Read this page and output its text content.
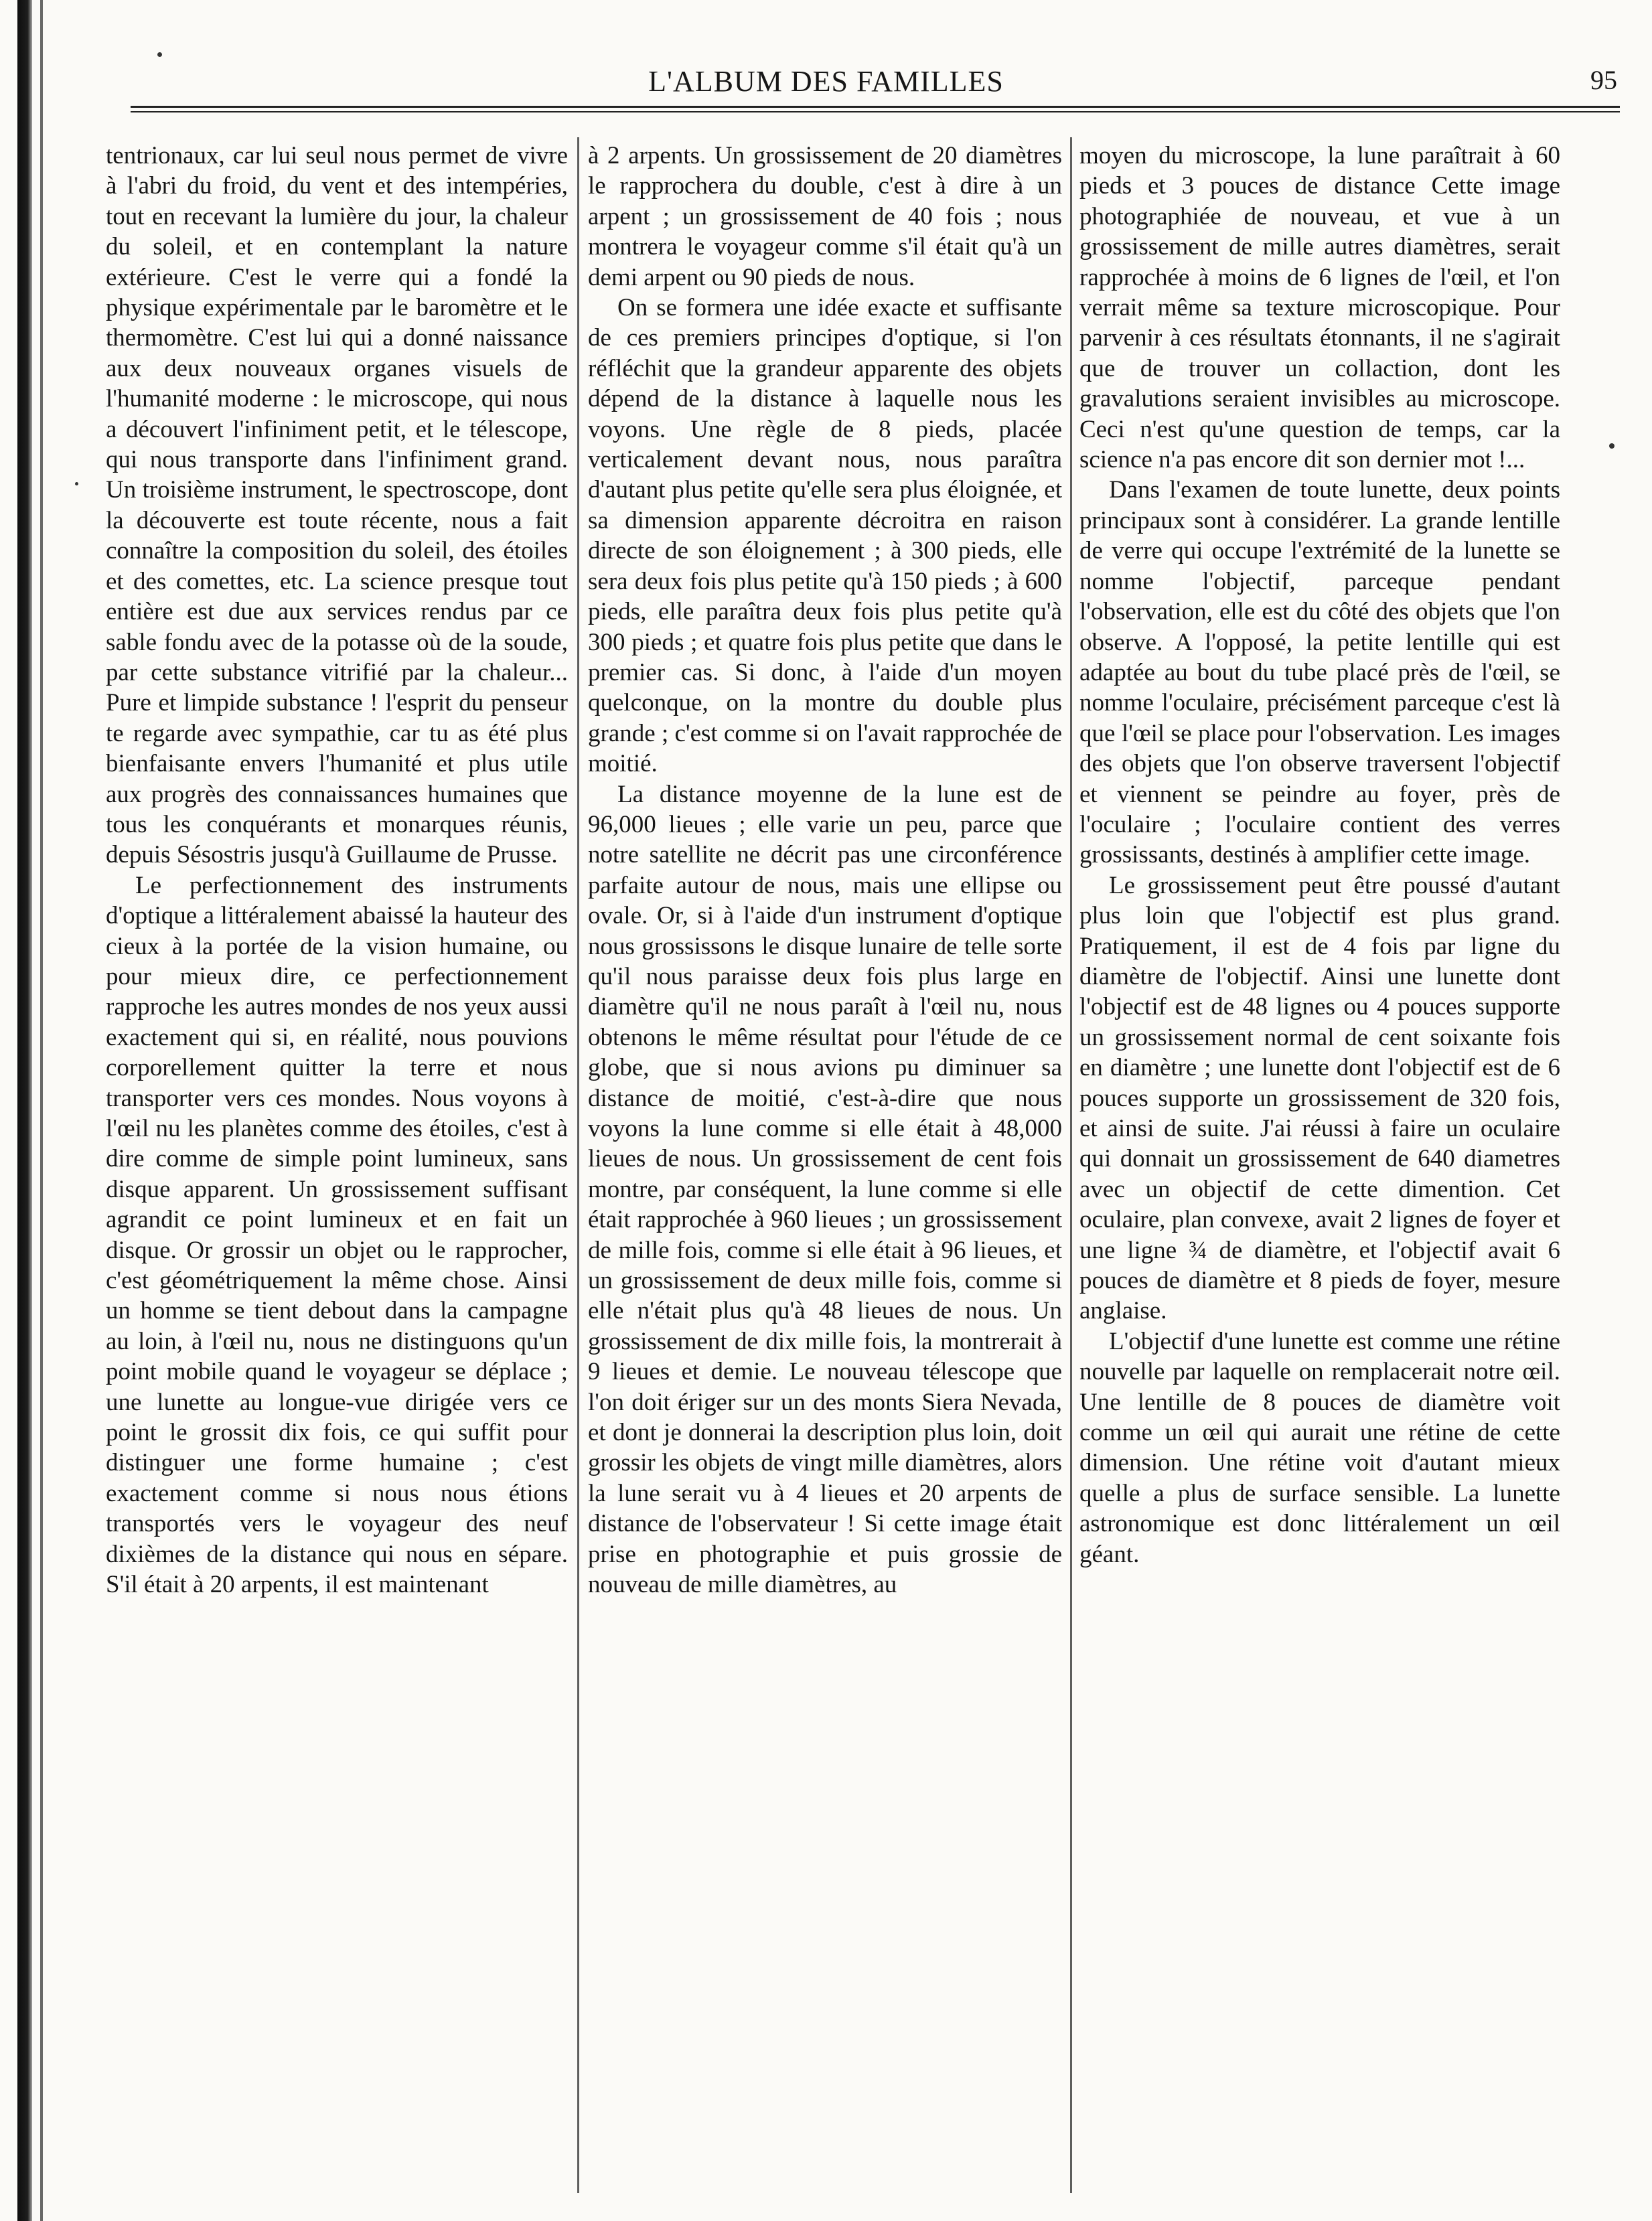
L'ALBUM DES FAMILLES	95

tentrionaux, car lui seul nous permet de vivre à l'abri du froid, du vent et des intempéries, tout en recevant la lumière du jour, la chaleur du soleil, et en contemplant la nature extérieure. C'est le verre qui a fondé la physique expérimentale par le baromètre et le thermomètre. C'est lui qui a donné naissance aux deux nouveaux organes visuels de l'humanité moderne : le microscope, qui nous a découvert l'infiniment petit, et le télescope, qui nous transporte dans l'infiniment grand. Un troisième instrument, le spectroscope, dont la découverte est toute récente, nous a fait connaître la composition du soleil, des étoiles et des comettes, etc. La science presque tout entière est due aux services rendus par ce sable fondu avec de la potasse où de la soude, par cette substance vitrifié par la chaleur... Pure et limpide substance ! l'esprit du penseur te regarde avec sympathie, car tu as été plus bienfaisante envers l'humanité et plus utile aux progrès des connaissances humaines que tous les conquérants et monarques réunis, depuis Sésostris jusqu'à Guillaume de Prusse.

Le perfectionnement des instruments d'optique a littéralement abaissé la hauteur des cieux à la portée de la vision humaine, ou pour mieux dire, ce perfectionnement rapproche les autres mondes de nos yeux aussi exactement qui si, en réalité, nous pouvions corporellement quitter la terre et nous transporter vers ces mondes. Nous voyons à l'œil nu les planètes comme des étoiles, c'est à dire comme de simple point lumineux, sans disque apparent. Un grossissement suffisant agrandit ce point lumineux et en fait un disque. Or grossir un objet ou le rapprocher, c'est géométriquement la même chose. Ainsi un homme se tient debout dans la campagne au loin, à l'œil nu, nous ne distinguons qu'un point mobile quand le voyageur se déplace ; une lunette au longue-vue dirigée vers ce point le grossit dix fois, ce qui suffit pour distinguer une forme humaine ; c'est exactement comme si nous nous étions transportés vers le voyageur des neuf dixièmes de la distance qui nous en sépare. S'il était à 20 arpents, il est maintenant

à 2 arpents. Un grossissement de 20 diamètres le rapprochera du double, c'est à dire à un arpent ; un grossissement de 40 fois ; nous montrera le voyageur comme s'il était qu'à un demi arpent ou 90 pieds de nous.

On se formera une idée exacte et suffisante de ces premiers principes d'optique, si l'on réfléchit que la grandeur apparente des objets dépend de la distance à laquelle nous les voyons. Une règle de 8 pieds, placée verticalement devant nous, nous paraîtra d'autant plus petite qu'elle sera plus éloignée, et sa dimension apparente décroitra en raison directe de son éloignement ; à 300 pieds, elle sera deux fois plus petite qu'à 150 pieds ; à 600 pieds, elle paraîtra deux fois plus petite qu'à 300 pieds ; et quatre fois plus petite que dans le premier cas. Si donc, à l'aide d'un moyen quelconque, on la montre du double plus grande ; c'est comme si on l'avait rapprochée de moitié.

La distance moyenne de la lune est de 96,000 lieues ; elle varie un peu, parce que notre satellite ne décrit pas une circonférence parfaite autour de nous, mais une ellipse ou ovale. Or, si à l'aide d'un instrument d'optique nous grossissons le disque lunaire de telle sorte qu'il nous paraisse deux fois plus large en diamètre qu'il ne nous paraît à l'œil nu, nous obtenons le même résultat pour l'étude de ce globe, que si nous avions pu diminuer sa distance de moitié, c'est-à-dire que nous voyons la lune comme si elle était à 48,000 lieues de nous. Un grossissement de cent fois montre, par conséquent, la lune comme si elle était rapprochée à 960 lieues ; un grossissement de mille fois, comme si elle était à 96 lieues, et un grossissement de deux mille fois, comme si elle n'était plus qu'à 48 lieues de nous. Un grossissement de dix mille fois, la montrerait à 9 lieues et demie. Le nouveau télescope que l'on doit ériger sur un des monts Siera Nevada, et dont je donnerai la description plus loin, doit grossir les objets de vingt mille diamètres, alors la lune serait vu à 4 lieues et 20 arpents de distance de l'observateur ! Si cette image était prise en photographie et puis grossie de nouveau de mille diamètres, au

moyen du microscope, la lune paraîtrait à 60 pieds et 3 pouces de distance Cette image photographiée de nouveau, et vue à un grossissement de mille autres diamètres, serait rapprochée à moins de 6 lignes de l'œil, et l'on verrait même sa texture microscopique. Pour parvenir à ces résultats étonnants, il ne s'agirait que de trouver un collaction, dont les gravalutions seraient invisibles au microscope. Ceci n'est qu'une question de temps, car la science n'a pas encore dit son dernier mot !...

Dans l'examen de toute lunette, deux points principaux sont à considérer. La grande lentille de verre qui occupe l'extrémité de la lunette se nomme l'objectif, parceque pendant l'observation, elle est du côté des objets que l'on observe. A l'opposé, la petite lentille qui est adaptée au bout du tube placé près de l'œil, se nomme l'oculaire, précisément parceque c'est là que l'œil se place pour l'observation. Les images des objets que l'on observe traversent l'objectif et viennent se peindre au foyer, près de l'oculaire ; l'oculaire contient des verres grossissants, destinés à amplifier cette image.

Le grossissement peut être poussé d'autant plus loin que l'objectif est plus grand. Pratiquement, il est de 4 fois par ligne du diamètre de l'objectif. Ainsi une lunette dont l'objectif est de 48 lignes ou 4 pouces supporte un grossissement normal de cent soixante fois en diamètre ; une lunette dont l'objectif est de 6 pouces supporte un grossissement de 320 fois, et ainsi de suite. J'ai réussi à faire un oculaire qui donnait un grossissement de 640 diametres avec un objectif de cette dimention. Cet oculaire, plan convexe, avait 2 lignes de foyer et une ligne ¾ de diamètre, et l'objectif avait 6 pouces de diamètre et 8 pieds de foyer, mesure anglaise.

L'objectif d'une lunette est comme une rétine nouvelle par laquelle on remplacerait notre œil. Une lentille de 8 pouces de diamètre voit comme un œil qui aurait une rétine de cette dimension. Une rétine voit d'autant mieux quelle a plus de surface sensible. La lunette astronomique est donc littéralement un œil géant.
